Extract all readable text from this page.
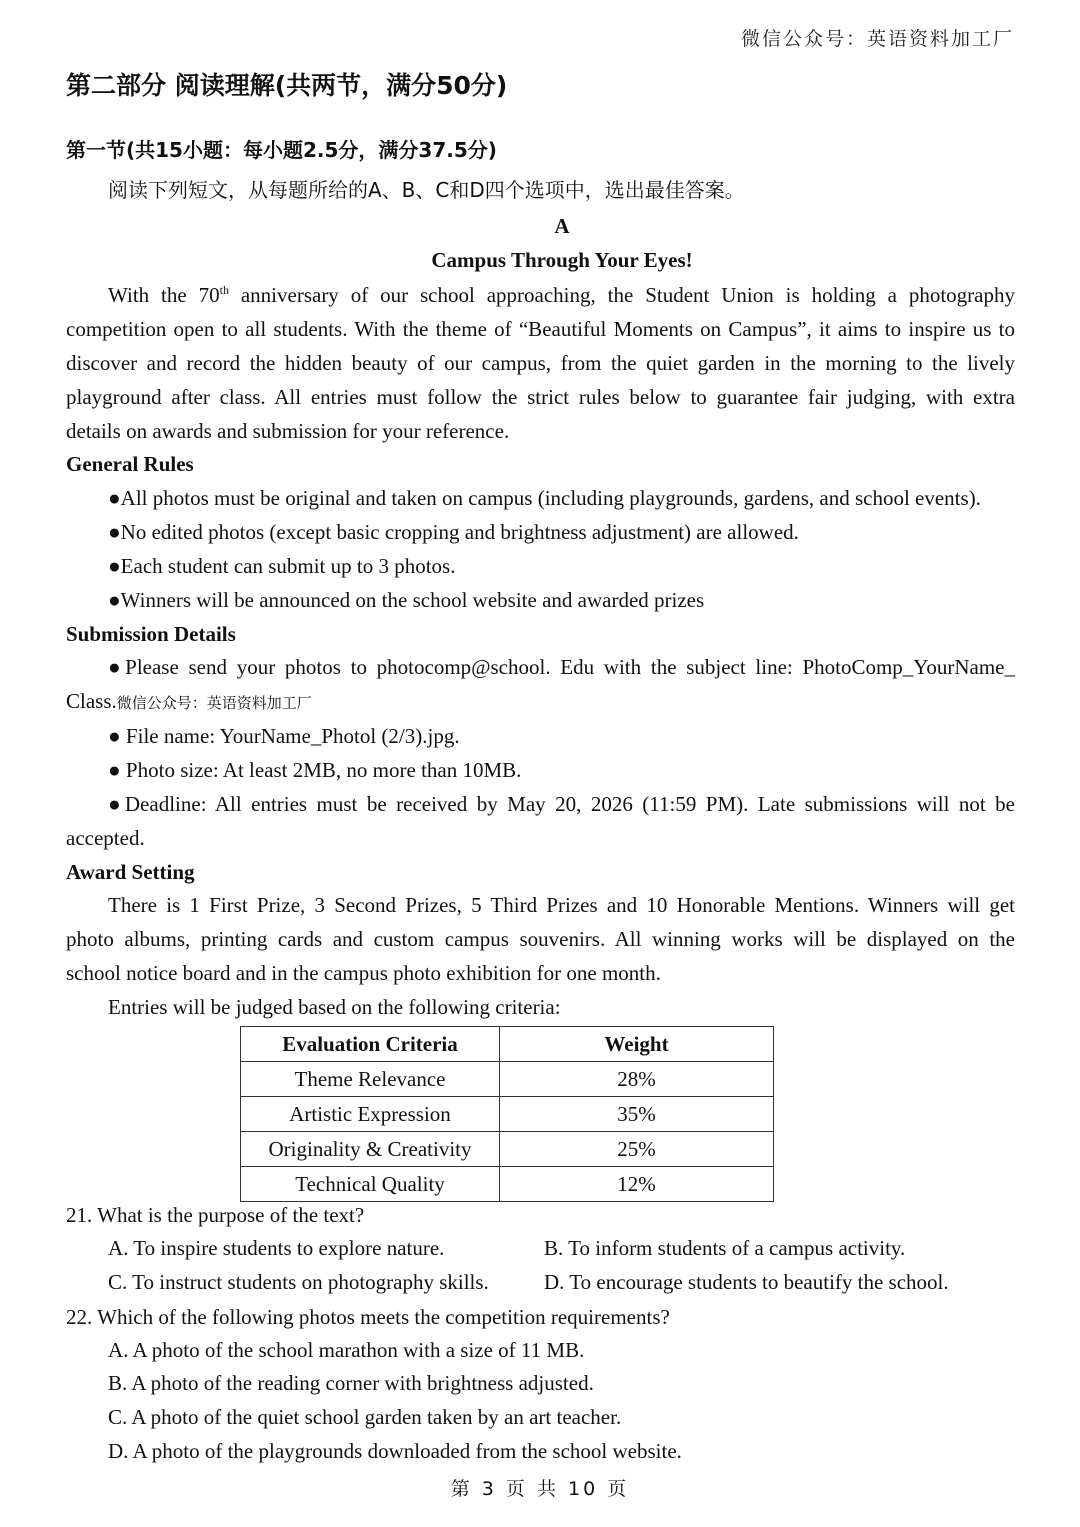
微信公众号：英语资料加工厂
第二部分 阅读理解(共两节，满分50分)
第一节(共15小题：每小题2.5分，满分37.5分)
阅读下列短文，从每题所给的A、B、C和D四个选项中，选出最佳答案。
A
Campus Through Your Eyes!
With the 70th anniversary of our school approaching, the Student Union is holding a photography
competition open to all students. With the theme of “Beautiful Moments on Campus”, it aims to inspire us to
discover and record the hidden beauty of our campus, from the quiet garden in the morning to the lively
playground after class. All entries must follow the strict rules below to guarantee fair judging, with extra
details on awards and submission for your reference.
General Rules
●All photos must be original and taken on campus (including playgrounds, gardens, and school events).
●No edited photos (except basic cropping and brightness adjustment) are allowed.
●Each student can submit up to 3 photos.
●Winners will be announced on the school website and awarded prizes
Submission Details
●Please send your photos to photocomp@school. Edu with the subject line: PhotoComp_YourName_
Class.微信公众号：英语资料加工厂
● File name: YourName_Photol (2/3).jpg.
● Photo size: At least 2MB, no more than 10MB.
●Deadline: All entries must be received by May 20, 2026 (11:59 PM). Late submissions will not be
accepted.
Award Setting
There is 1 First Prize, 3 Second Prizes, 5 Third Prizes and 10 Honorable Mentions. Winners will get
photo albums, printing cards and custom campus souvenirs. All winning works will be displayed on the
school notice board and in the campus photo exhibition for one month.
Entries will be judged based on the following criteria:
Evaluation Criteria	Weight
Theme Relevance	28%
Artistic Expression	35%
Originality & Creativity	25%
Technical Quality	12%
21. What is the purpose of the text?
A. To inspire students to explore nature.	B. To inform students of a campus activity.
C. To instruct students on photography skills.	D. To encourage students to beautify the school.
22. Which of the following photos meets the competition requirements?
A. A photo of the school marathon with a size of 11 MB.
B. A photo of the reading corner with brightness adjusted.
C. A photo of the quiet school garden taken by an art teacher.
D. A photo of the playgrounds downloaded from the school website.
第 3 页 共 10 页
